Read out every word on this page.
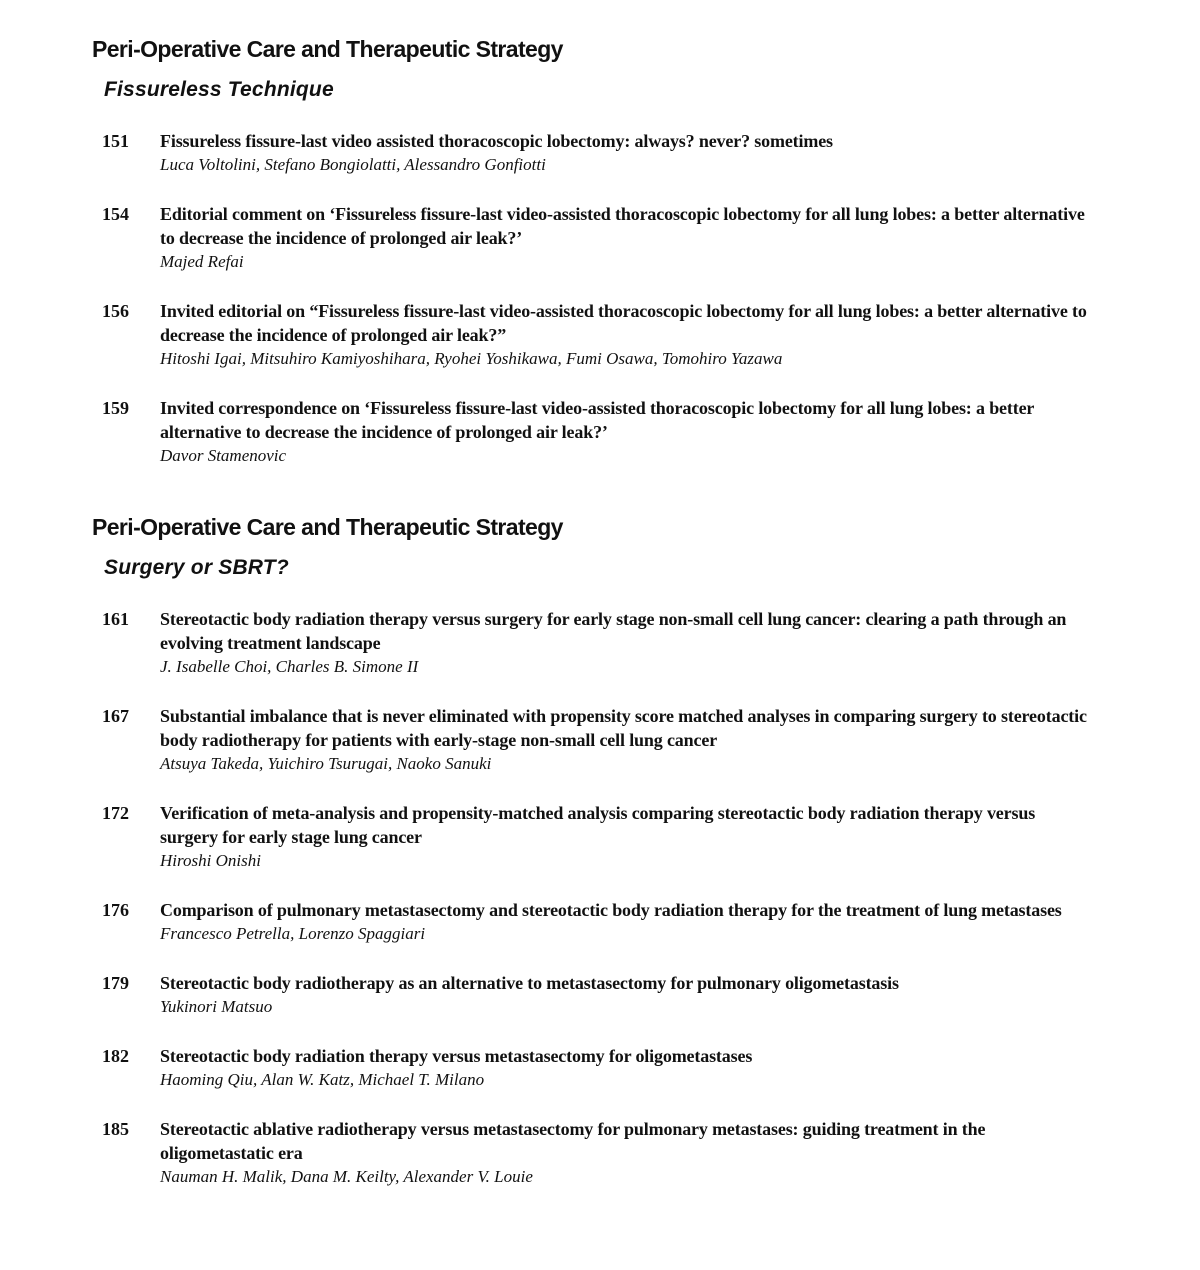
Peri-Operative Care and Therapeutic Strategy
Fissureless Technique
151	Fissureless fissure-last video assisted thoracoscopic lobectomy: always? never? sometimes
Luca Voltolini, Stefano Bongiolatti, Alessandro Gonfiotti
154	Editorial comment on ‘Fissureless fissure-last video-assisted thoracoscopic lobectomy for all lung lobes: a better alternative to decrease the incidence of prolonged air leak?’
Majed Refai
156	Invited editorial on “Fissureless fissure-last video-assisted thoracoscopic lobectomy for all lung lobes: a better alternative to decrease the incidence of prolonged air leak?”
Hitoshi Igai, Mitsuhiro Kamiyoshihara, Ryohei Yoshikawa, Fumi Osawa, Tomohiro Yazawa
159	Invited correspondence on ‘Fissureless fissure-last video-assisted thoracoscopic lobectomy for all lung lobes: a better alternative to decrease the incidence of prolonged air leak?’
Davor Stamenovic
Peri-Operative Care and Therapeutic Strategy
Surgery or SBRT?
161	Stereotactic body radiation therapy versus surgery for early stage non-small cell lung cancer: clearing a path through an evolving treatment landscape
J. Isabelle Choi, Charles B. Simone II
167	Substantial imbalance that is never eliminated with propensity score matched analyses in comparing surgery to stereotactic body radiotherapy for patients with early-stage non-small cell lung cancer
Atsuya Takeda, Yuichiro Tsurugai, Naoko Sanuki
172	Verification of meta-analysis and propensity-matched analysis comparing stereotactic body radiation therapy versus surgery for early stage lung cancer
Hiroshi Onishi
176	Comparison of pulmonary metastasectomy and stereotactic body radiation therapy for the treatment of lung metastases
Francesco Petrella, Lorenzo Spaggiari
179	Stereotactic body radiotherapy as an alternative to metastasectomy for pulmonary oligometastasis
Yukinori Matsuo
182	Stereotactic body radiation therapy versus metastasectomy for oligometastases
Haoming Qiu, Alan W. Katz, Michael T. Milano
185	Stereotactic ablative radiotherapy versus metastasectomy for pulmonary metastases: guiding treatment in the oligometastatic era
Nauman H. Malik, Dana M. Keilty, Alexander V. Louie
